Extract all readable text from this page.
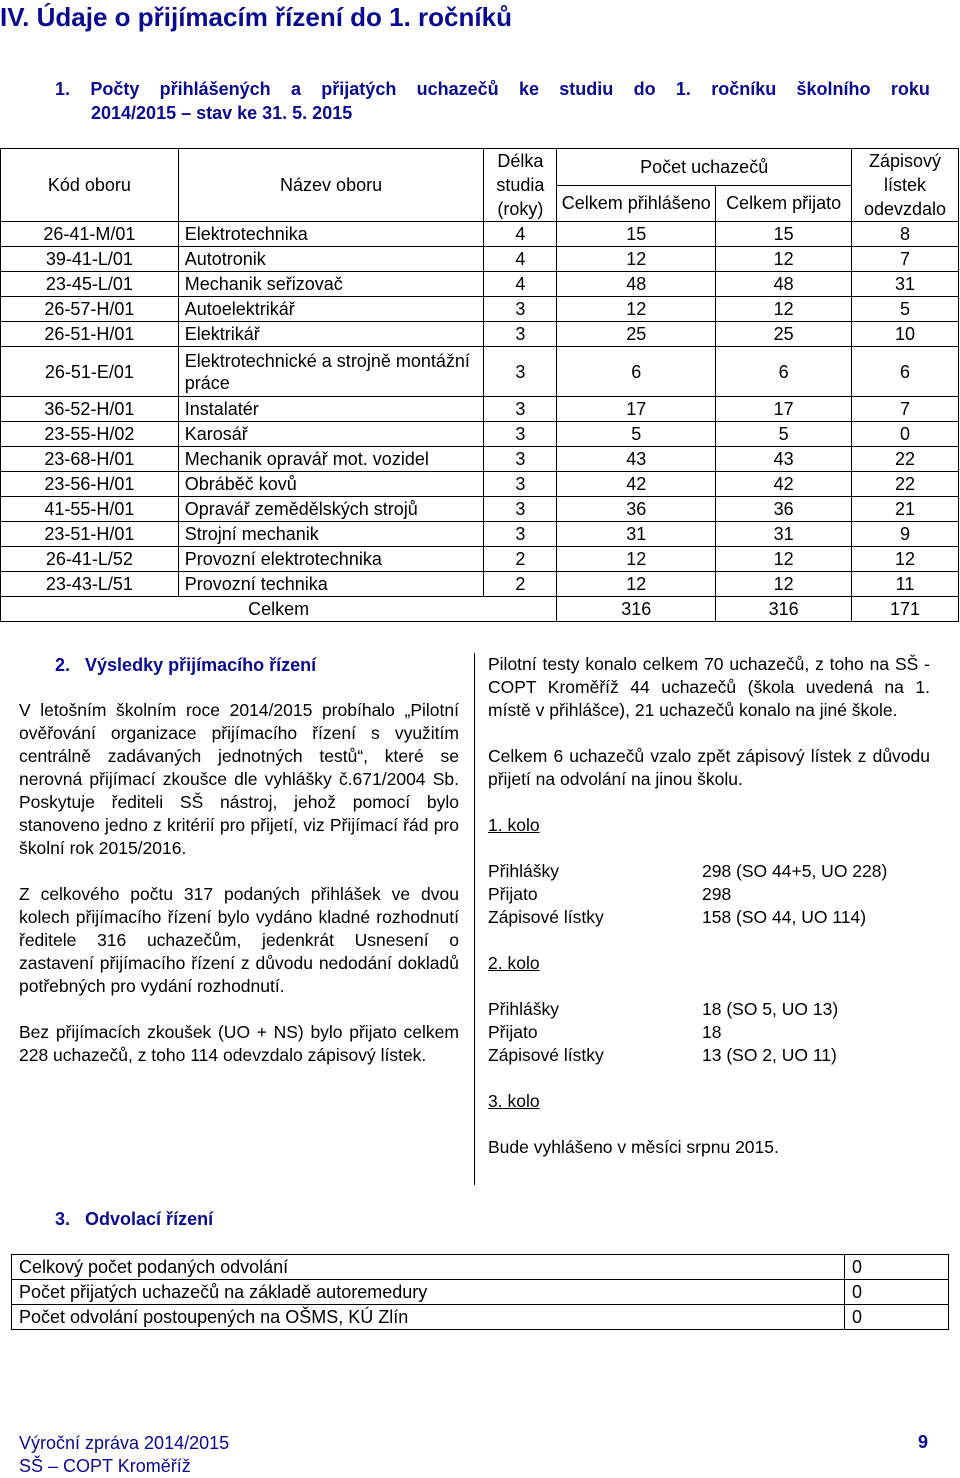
IV. Údaje o přijímacím řízení do 1. ročníků
1. Počty přihlášených a přijatých uchazečů ke studiu do 1. ročníku školního roku
2014/2015 – stav ke 31. 5. 2015
Kód oboru	Název oboru	Délka studia (roky)	Počet uchazečů		Zápisový lístek odevzdalo
			Celkem přihlášeno	Celkem přijato	
26-41-M/01	Elektrotechnika	4	15	15	8
39-41-L/01	Autotronik	4	12	12	7
23-45-L/01	Mechanik seřizovač	4	48	48	31
26-57-H/01	Autoelektrikář	3	12	12	5
26-51-H/01	Elektrikář	3	25	25	10
26-51-E/01	Elektrotechnické a strojně montážní práce	3	6	6	6
36-52-H/01	Instalatér	3	17	17	7
23-55-H/02	Karosář	3	5	5	0
23-68-H/01	Mechanik opravář mot. vozidel	3	43	43	22
23-56-H/01	Obráběč kovů	3	42	42	22
41-55-H/01	Opravář zemědělských strojů	3	36	36	21
23-51-H/01	Strojní mechanik	3	31	31	9
26-41-L/52	Provozní elektrotechnika	2	12	12	12
23-43-L/51	Provozní technika	2	12	12	11
Celkem			316	316	171
2. Výsledky přijímacího řízení

V letošním školním roce 2014/2015 probíhalo „Pilotní ověřování organizace přijímacího řízení s využitím centrálně zadávaných jednotných testů“, které se nerovná přijímací zkoušce dle vyhlášky č.671/2004 Sb. Poskytuje řediteli SŠ nástroj, jehož pomocí bylo stanoveno jedno z kritérií pro přijetí, viz Přijímací řád pro školní rok 2015/2016.

Z celkového počtu 317 podaných přihlášek ve dvou kolech přijímacího řízení bylo vydáno kladné rozhodnutí ředitele 316 uchazečům, jedenkrát Usnesení o zastavení přijímacího řízení z důvodu nedodání dokladů potřebných pro vydání rozhodnutí.

Bez přijímacích zkoušek (UO + NS) bylo přijato celkem 228 uchazečů, z toho 114 odevzdalo zápisový lístek.

Pilotní testy konalo celkem 70 uchazečů, z toho na SŠ - COPT Kroměříž 44 uchazečů (škola uvedená na 1. místě v přihlášce), 21 uchazečů konalo na jiné škole.

Celkem 6 uchazečů vzalo zpět zápisový lístek z důvodu přijetí na odvolání na jinou školu.

1. kolo

Přihlášky	298 (SO 44+5, UO 228)
Přijato	298
Zápisové lístky	158 (SO 44, UO 114)

2. kolo

Přihlášky	18 (SO 5, UO 13)
Přijato	18
Zápisové lístky	13 (SO 2, UO 11)

3. kolo

Bude vyhlášeno v měsíci srpnu 2015.

3. Odvolací řízení
Celkový počet podaných odvolání	0
Počet přijatých uchazečů na základě autoremedury	0
Počet odvolání postoupených na OŠMS, KÚ Zlín	0
Výroční zpráva 2014/2015
SŠ – COPT Kroměříž
9
